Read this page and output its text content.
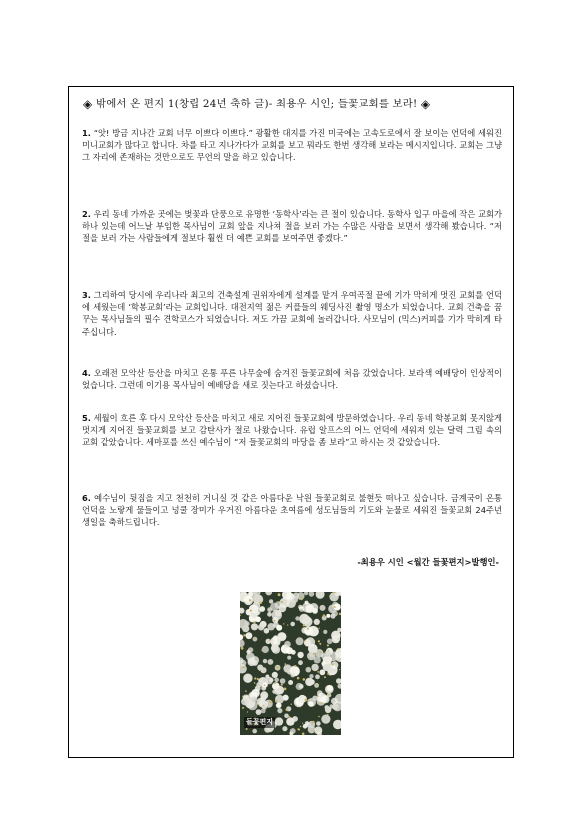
◈ 밖에서 온 편지 1(창립 24년 축하 글)- 최용우 시인; 들꽃교회를 보라! ◈

1. “앗! 방금 지나간 교회 너무 이쁘다 이쁘다.” 광활한 대지를 가진 미국에는 고속도로에서 잘 보이는 언덕에 세워진 미니교회가 많다고 합니다. 차를 타고 지나가다가 교회를 보고 뭐라도 한번 생각해 보라는 메시지입니다. 교회는 그냥 그 자리에 존재하는 것만으로도 무언의 말을 하고 있습니다.

2. 우리 동네 가까운 곳에는 벚꽃과 단풍으로 유명한 ‘동학사’라는 큰 절이 있습니다. 동학사 입구 마을에 작은 교회가 하나 있는데 어느날 부임한 목사님이 교회 앞을 지나쳐 절을 보러 가는 수많은 사람을 보면서 생각해 봤습니다. “저 절을 보러 가는 사람들에게 절보다 훨씬 더 예쁜 교회를 보여주면 좋겠다.”

3. 그리하여 당시에 우리나라 최고의 건축설계 권위자에게 설계를 맡겨 우여곡절 끝에 기가 막히게 멋진 교회를 언덕에 세웠는데 ‘학봉교회’라는 교회입니다. 대전지역 젊은 커플들의 웨딩사진 촬영 명소가 되었습니다. 교회 건축을 꿈꾸는 목사님들의 필수 견학코스가 되었습니다. 저도 가끔 교회에 놀러갑니다. 사모님이 (믹스)커피를 기가 막히게 타 주십니다.

4. 오래전 모악산 등산을 마치고 온통 푸른 나무숲에 숨겨진 들꽃교회에 처음 갔었습니다. 보라색 예배당이 인상적이었습니다. 그런데 이기용 목사님이 예배당을 새로 짓는다고 하셨습니다.

5. 세월이 흐른 후 다시 모악산 등산을 마치고 새로 지어진 들꽃교회에 방문하였습니다. 우리 동네 학봉교회 못지않게 멋지게 지어진 들꽃교회를 보고 감탄사가 절로 나왔습니다. 유럽 알프스의 어느 언덕에 세워져 있는 달력 그림 속의 교회 같았습니다. 세마포를 쓰신 예수님이 “저 들꽃교회의 마당을 좀 보라”고 하시는 것 같았습니다.

6. 예수님이 뒷짐을 지고 천천히 거니실 것 같은 아름다운 낙원 들꽃교회로 불현듯 떠나고 싶습니다. 금계국이 온통 언덕을 노랗게 물들이고 넝쿨 장미가 우거진 아름다운 초여름에 성도님들의 기도와 눈물로 세워진 들꽃교회 24주년 생일을 축하드립니다.

-최용우 시인 <월간 들꽃편지>발행인-
들꽃편지
